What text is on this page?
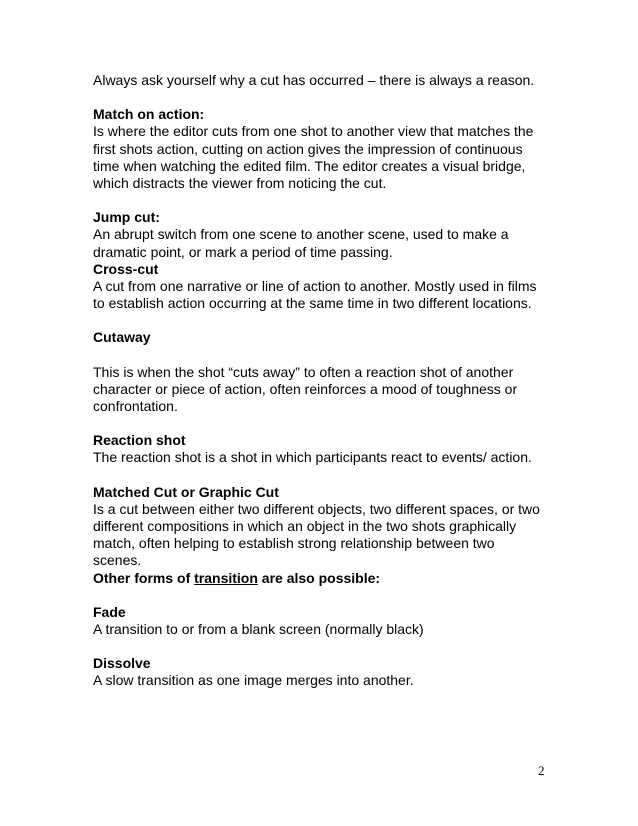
Always ask yourself why a cut has occurred – there is always a reason.

Match on action:

Is where the editor cuts from one shot to another view that matches the first shots action, cutting on action gives the impression of continuous time when watching the edited film. The editor creates a visual bridge, which distracts the viewer from noticing the cut.

Jump cut:

An abrupt switch from one scene to another scene, used to make a dramatic point, or mark a period of time passing.

Cross-cut

A cut from one narrative or line of action to another. Mostly used in films to establish action occurring at the same time in two different locations.

Cutaway

This is when the shot “cuts away” to often a reaction shot of another character or piece of action, often reinforces a mood of toughness or confrontation.

Reaction shot

The reaction shot is a shot in which participants react to events/ action.

Matched Cut or Graphic Cut

Is a cut between either two different objects, two different spaces, or two different compositions in which an object in the two shots graphically match, often helping to establish strong relationship between two scenes.

Other forms of transition are also possible:

Fade

A transition to or from a blank screen (normally black)

Dissolve

A slow transition as one image merges into another.

2
